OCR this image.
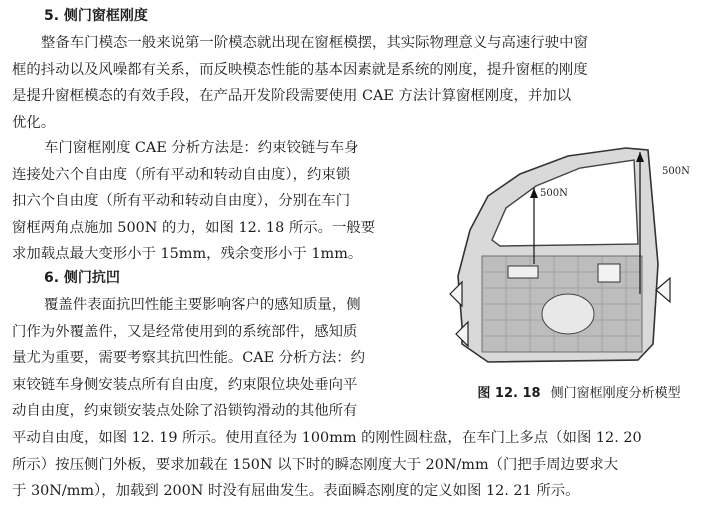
5. 侧门窗框刚度

整备车门模态一般来说第一阶模态就出现在窗框模摆，其实际物理意义与高速行驶中窗
框的抖动以及风噪都有关系，而反映模态性能的基本因素就是系统的刚度，提升窗框的刚度
是提升窗框模态的有效手段，在产品开发阶段需要使用 CAE 方法计算窗框刚度，并加以
优化。

车门窗框刚度 CAE 分析方法是：约束铰链与车身
连接处六个自由度（所有平动和转动自由度），约束锁
扣六个自由度（所有平动和转动自由度），分别在车门
窗框两角点施加 500N 的力，如图 12. 18 所示。一般要
求加载点最大变形小于 15mm，残余变形小于 1mm。

6. 侧门抗凹

覆盖件表面抗凹性能主要影响客户的感知质量，侧
门作为外覆盖件，又是经常使用到的系统部件，感知质
量尤为重要，需要考察其抗凹性能。CAE 分析方法：约
束铰链车身侧安装点所有自由度，约束限位块处垂向平
动自由度，约束锁安装点处除了沿锁钩滑动的其他所有

平动自由度，如图 12. 19 所示。使用直径为 100mm 的刚性圆柱盘，在车门上多点（如图 12. 20
所示）按压侧门外板，要求加载在 150N 以下时的瞬态刚度大于 20N/mm（门把手周边要求大
于 30N/mm），加载到 200N 时没有屈曲发生。表面瞬态刚度的定义如图 12. 21 所示。

500N
500N
图 12. 18 侧门窗框刚度分析模型
